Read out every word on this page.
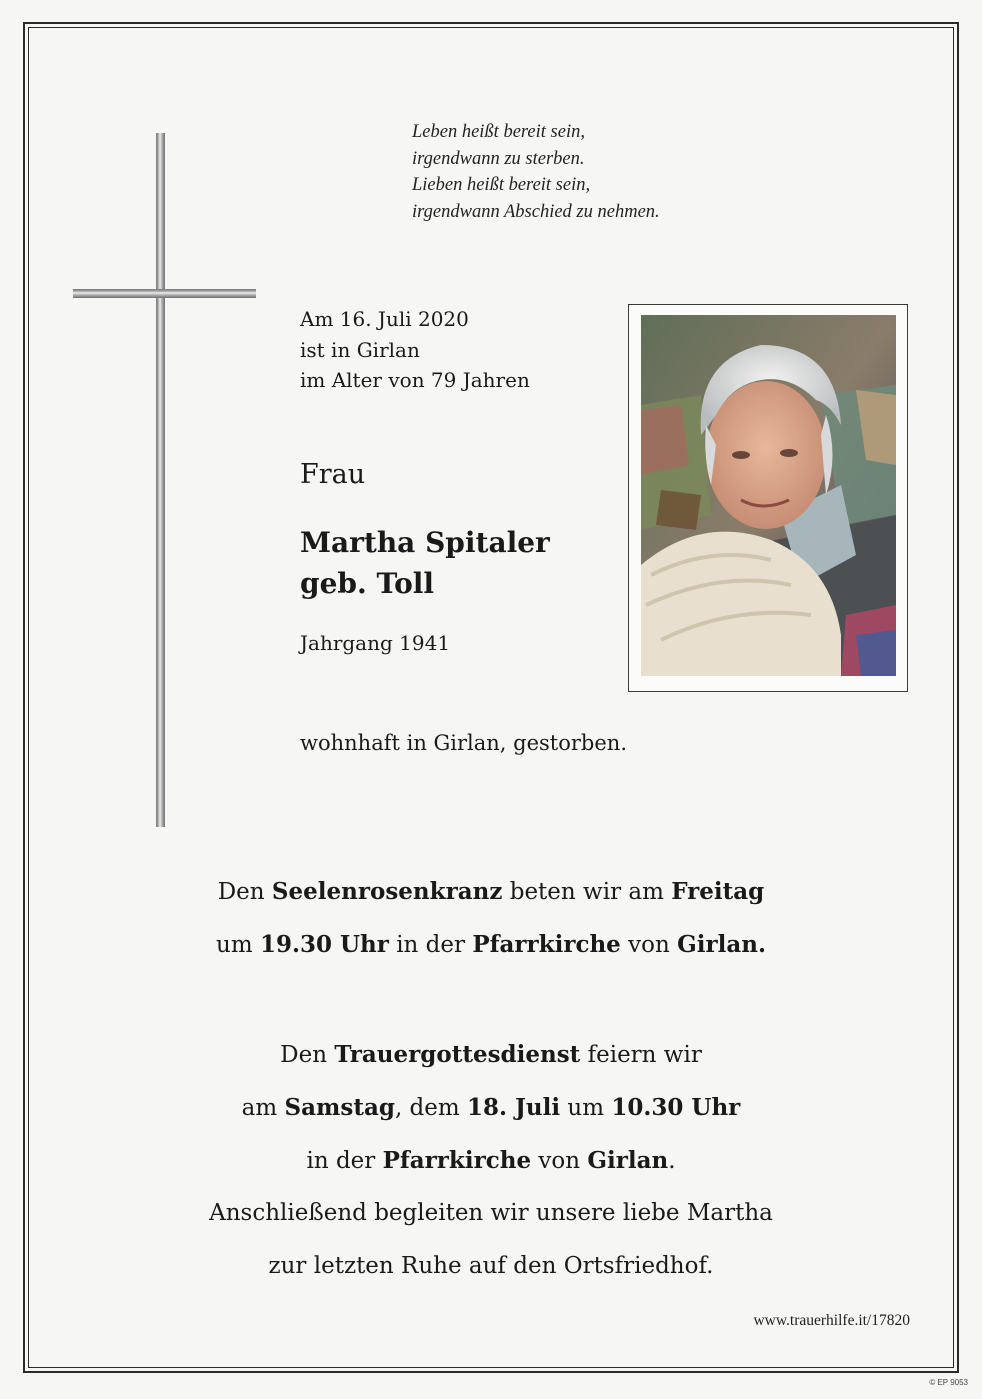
Leben heißt bereit sein,
irgendwann zu sterben.
Lieben heißt bereit sein,
irgendwann Abschied zu nehmen.
Am 16. Juli 2020
ist in Girlan
im Alter von 79 Jahren
Frau
Martha Spitaler
geb. Toll
Jahrgang 1941
wohnhaft in Girlan, gestorben.
Den Seelenrosenkranz beten wir am Freitag
um 19.30 Uhr in der Pfarrkirche von Girlan.
Den Trauergottesdienst feiern wir
am Samstag, dem 18. Juli um 10.30 Uhr
in der Pfarrkirche von Girlan.
Anschließend begleiten wir unsere liebe Martha
zur letzten Ruhe auf den Ortsfriedhof.
www.trauerhilfe.it/17820
© EP 9053
